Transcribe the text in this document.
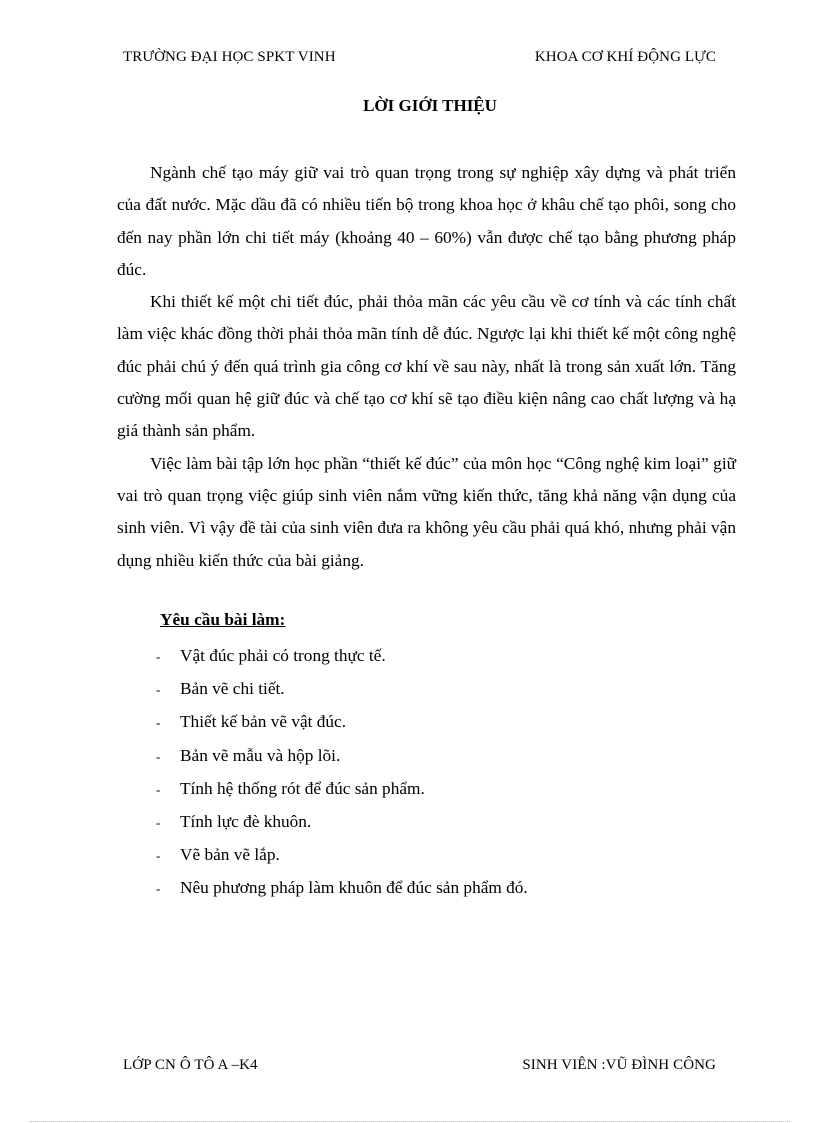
TRƯỜNG ĐẠI HỌC SPKT VINH	KHOA CƠ KHÍ ĐỘNG LỰC
LỜI GIỚI THIỆU

Ngành chế tạo máy giữ vai trò quan trọng trong sự nghiệp xây dựng và phát triển của đất nước. Mặc dầu đã có nhiều tiến bộ trong khoa học ở khâu chế tạo phôi, song cho đến nay phần lớn chi tiết máy (khoảng 40 – 60%) vẫn được chế tạo bằng phương pháp đúc.

Khi thiết kế một chi tiết đúc, phải thỏa mãn các yêu cầu về cơ tính và các tính chất làm việc khác đồng thời phải thỏa mãn tính dễ đúc. Ngược lại khi thiết kế một công nghệ đúc phải chú ý đến quá trình gia công cơ khí về sau này, nhất là trong sản xuất lớn. Tăng cường mối quan hệ giữ đúc và chế tạo cơ khí sẽ tạo điều kiện nâng cao chất lượng và hạ giá thành sản phẩm.

Việc làm bài tập lớn học phần “thiết kế đúc” của môn học “Công nghệ kim loại” giữ vai trò quan trọng việc giúp sinh viên nắm vững kiến thức, tăng khả năng vận dụng của sinh viên. Vì vậy đề tài của sinh viên đưa ra không yêu cầu phải quá khó, nhưng phải vận dụng nhiều kiến thức của bài giảng.

Yêu cầu bài làm:
-	Vật đúc phải có trong thực tế.
-	Bản vẽ chi tiết.
-	Thiết kế bản vẽ vật đúc.
-	Bản vẽ mẫu và hộp lõi.
-	Tính hệ thống rót để đúc sản phẩm.
-	Tính lực đè khuôn.
-	Vẽ bản vẽ lắp.
-	Nêu phương pháp làm khuôn để đúc sản phẩm đó.
LỚP CN Ô TÔ A –K4	SINH VIÊN :VŨ ĐÌNH CÔNG
